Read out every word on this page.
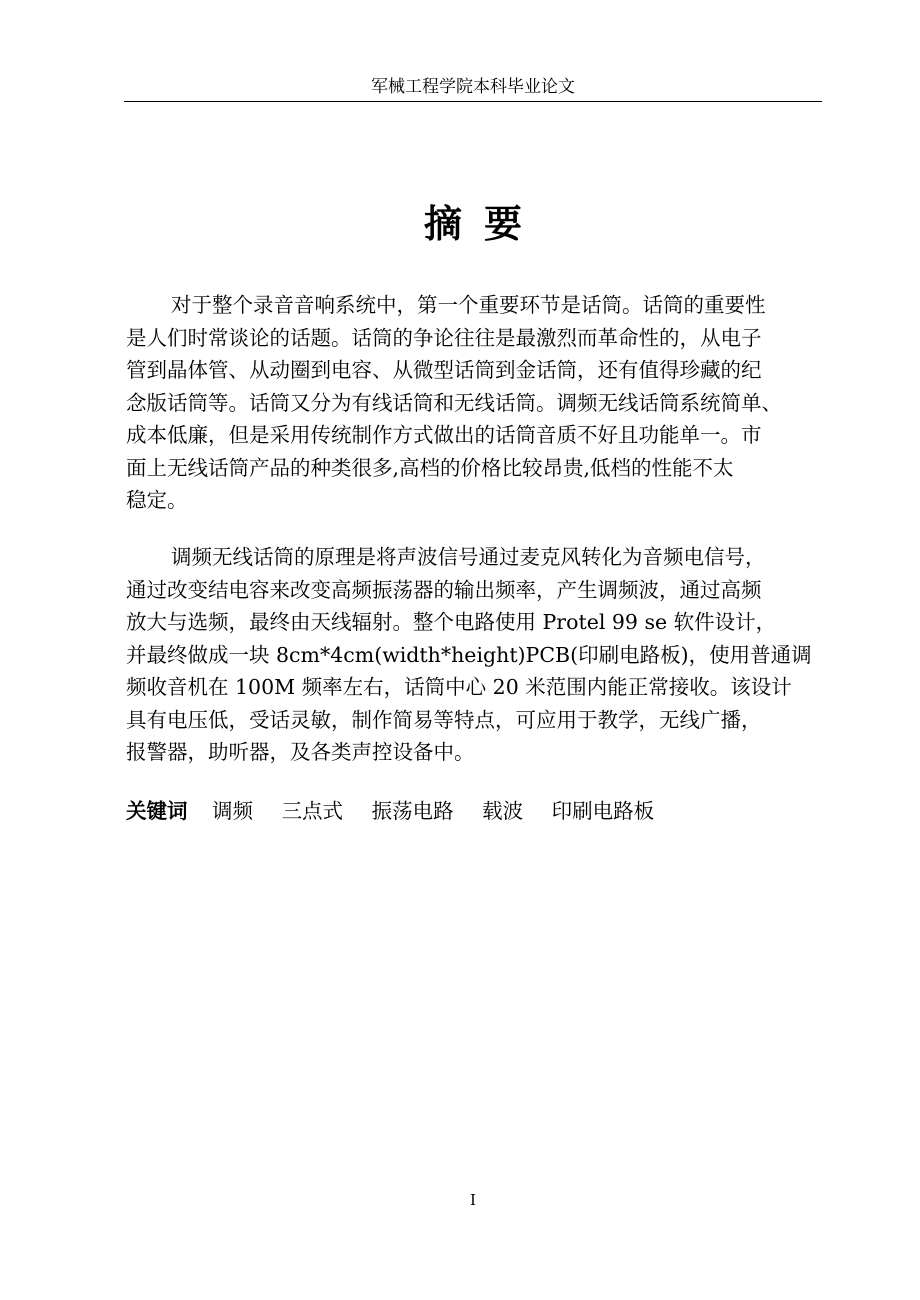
军械工程学院本科毕业论文
摘要
对于整个录音音响系统中，第一个重要环节是话筒。话筒的重要性
是人们时常谈论的话题。话筒的争论往往是最激烈而革命性的，从电子
管到晶体管、从动圈到电容、从微型话筒到金话筒，还有值得珍藏的纪
念版话筒等。话筒又分为有线话筒和无线话筒。调频无线话筒系统简单、
成本低廉，但是采用传统制作方式做出的话筒音质不好且功能单一。市
面上无线话筒产品的种类很多,高档的价格比较昂贵,低档的性能不太
稳定。
调频无线话筒的原理是将声波信号通过麦克风转化为音频电信号，
通过改变结电容来改变高频振荡器的输出频率，产生调频波，通过高频
放大与选频，最终由天线辐射。整个电路使用 Protel 99 se 软件设计，
并最终做成一块 8cm*4cm(width*height)PCB(印刷电路板)，使用普通调
频收音机在 100M 频率左右，话筒中心 20 米范围内能正常接收。该设计
具有电压低，受话灵敏，制作简易等特点，可应用于教学，无线广播，
报警器，助听器，及各类声控设备中。
关键词 调频 三点式 振荡电路 载波 印刷电路板
I
